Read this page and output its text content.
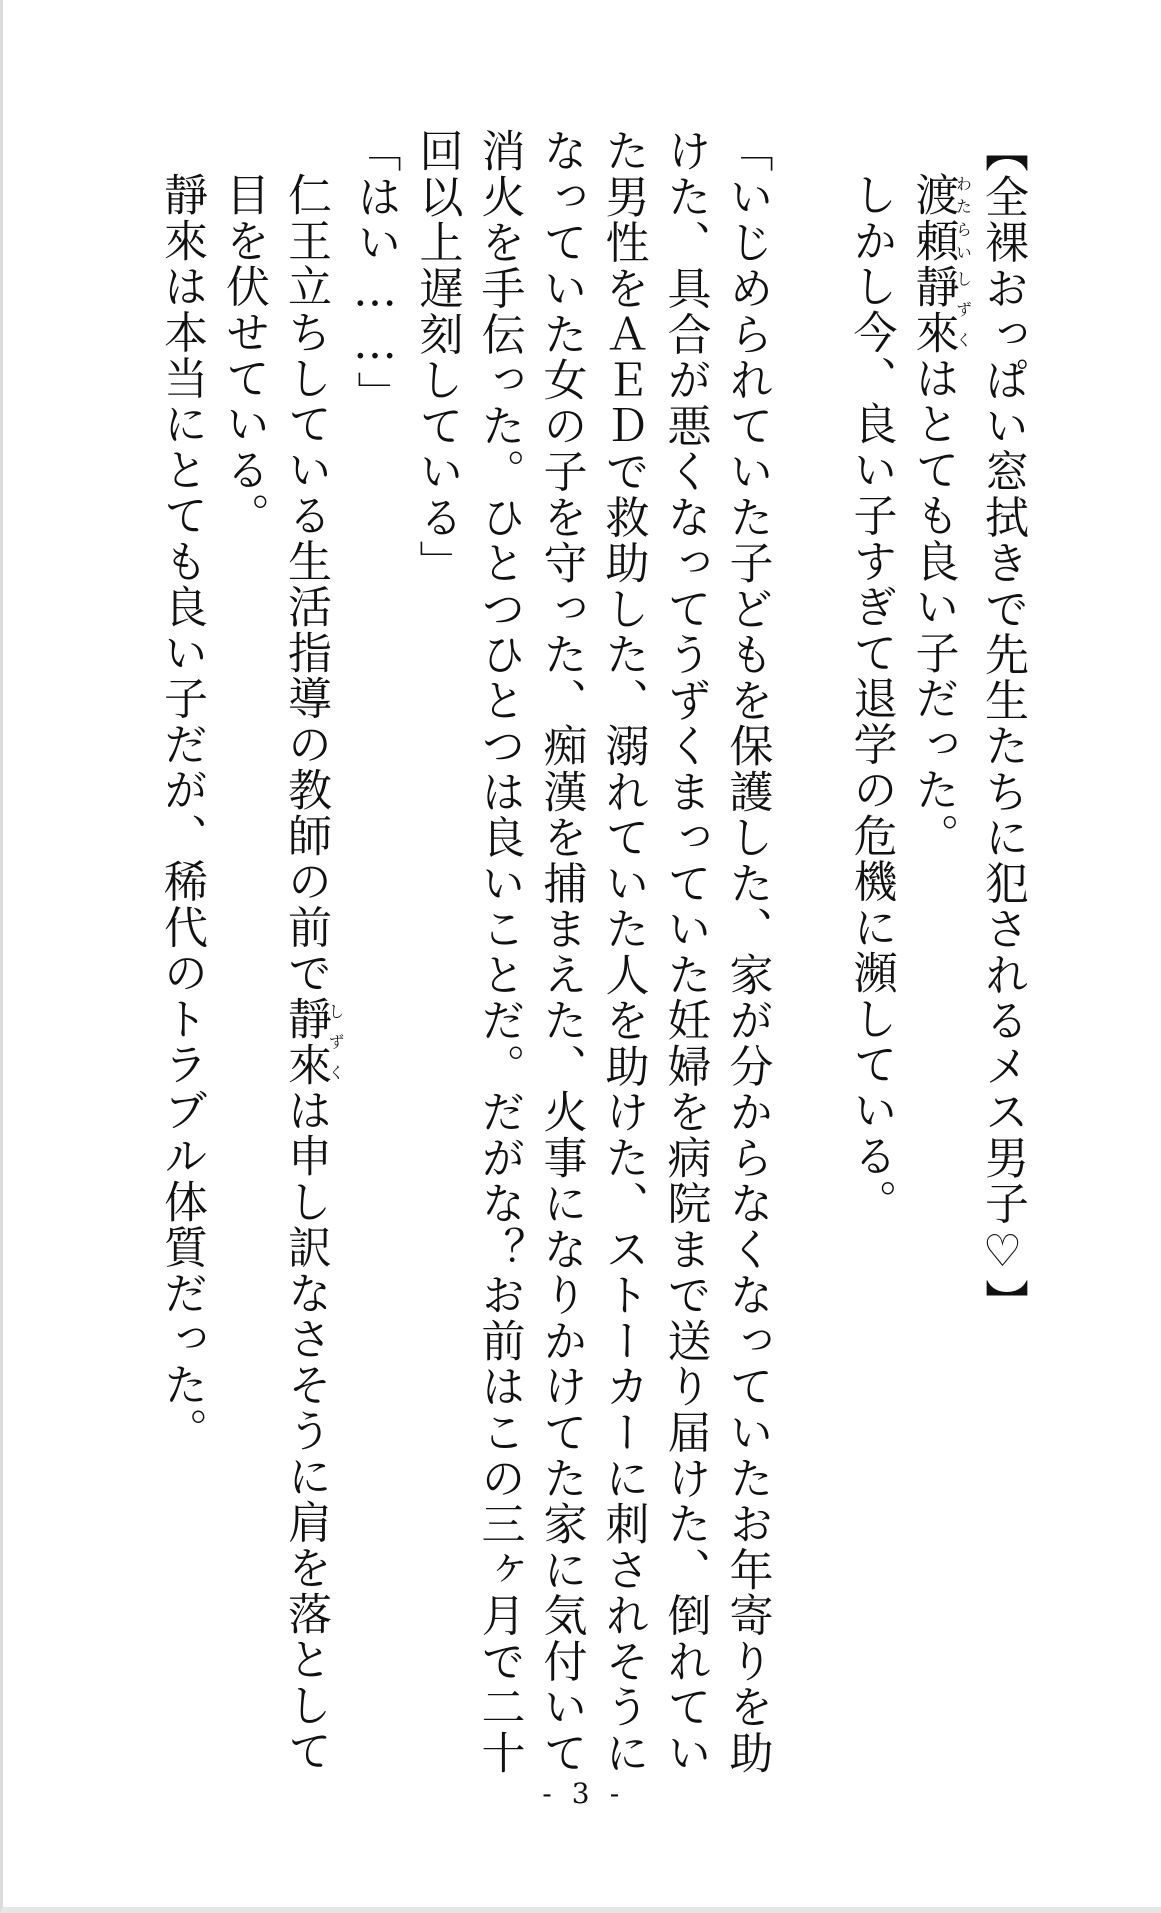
【全裸おっぱい窓拭きで先生たちに犯されるメス男子♡】

渡頼わたらい靜來しずくはとても良い子だった。

しかし今、良い子すぎて退学の危機に瀕している。

「いじめられていた子どもを保護した、家が分からなくなっていたお年寄りを助けた、具合が悪くなってうずくまっていた妊婦を病院まで送り届けた、倒れていた男性をＡＥＤで救助した、溺れていた人を助けた、ストーカーに刺されそうになっていた女の子を守った、痴漢を捕まえた、火事になりかけてた家に気付いて消火を手伝った。ひとつひとつは良いことだ。だがな？お前はこの三ヶ月で二十回以上遅刻している」

「はい……」

仁王立ちしている生活指導の教師の前で靜來しずくは申し訳なさそうに肩を落として目を伏せている。

靜來は本当にとても良い子だが、稀代のトラブル体質だった。

- 3 -
